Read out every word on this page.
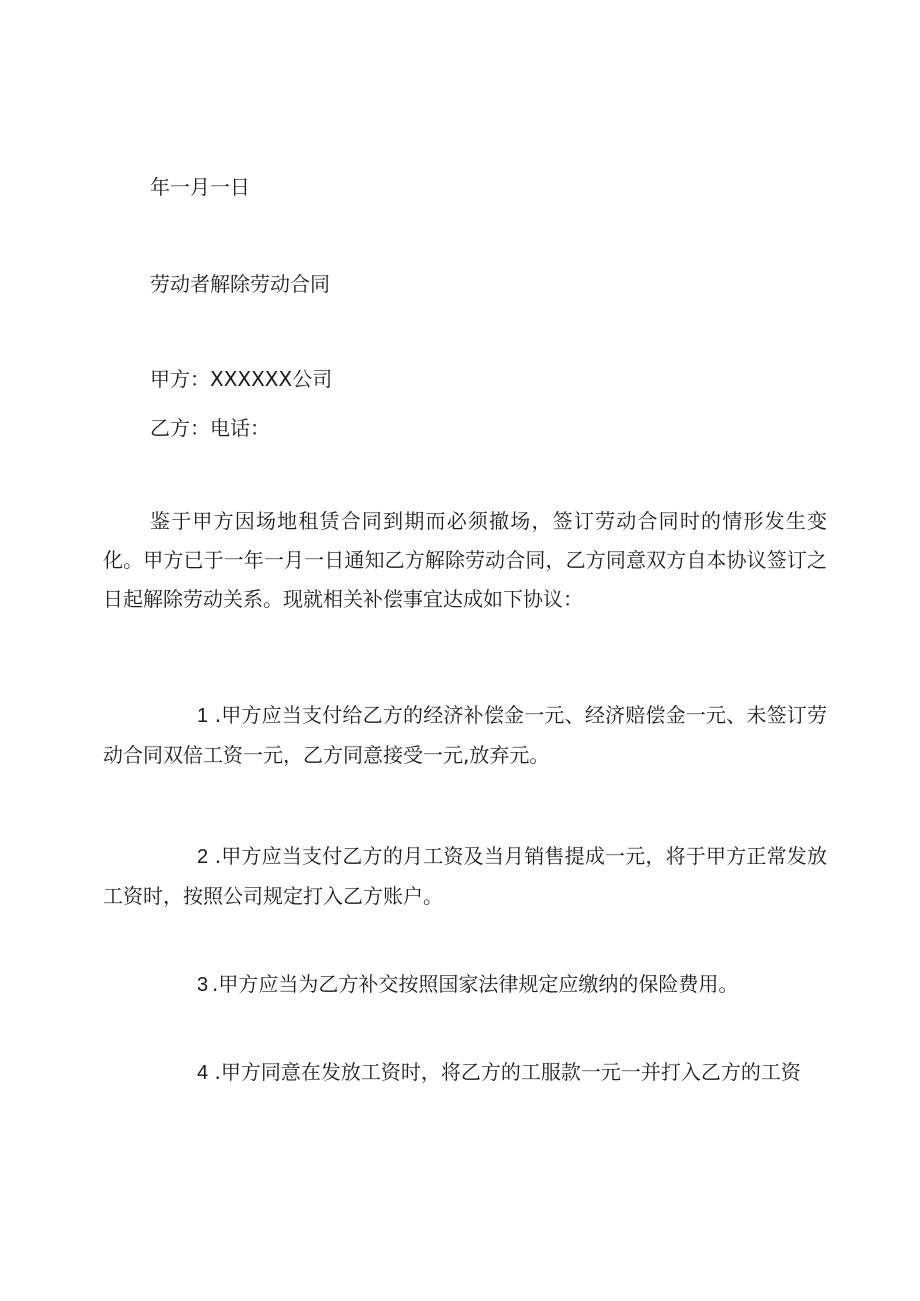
年一月一日

劳动者解除劳动合同

甲方：XXXXXX公司

乙方：电话：

鉴于甲方因场地租赁合同到期而必须撤场，签订劳动合同时的情形发生变化。甲方已于一年一月一日通知乙方解除劳动合同，乙方同意双方自本协议签订之日起解除劳动关系。现就相关补偿事宜达成如下协议：

1 .甲方应当支付给乙方的经济补偿金一元、经济赔偿金一元、未签订劳动合同双倍工资一元，乙方同意接受一元,放弃元。

2 .甲方应当支付乙方的月工资及当月销售提成一元，将于甲方正常发放工资时，按照公司规定打入乙方账户。

3 .甲方应当为乙方补交按照国家法律规定应缴纳的保险费用。

4 .甲方同意在发放工资时，将乙方的工服款一元一并打入乙方的工资
